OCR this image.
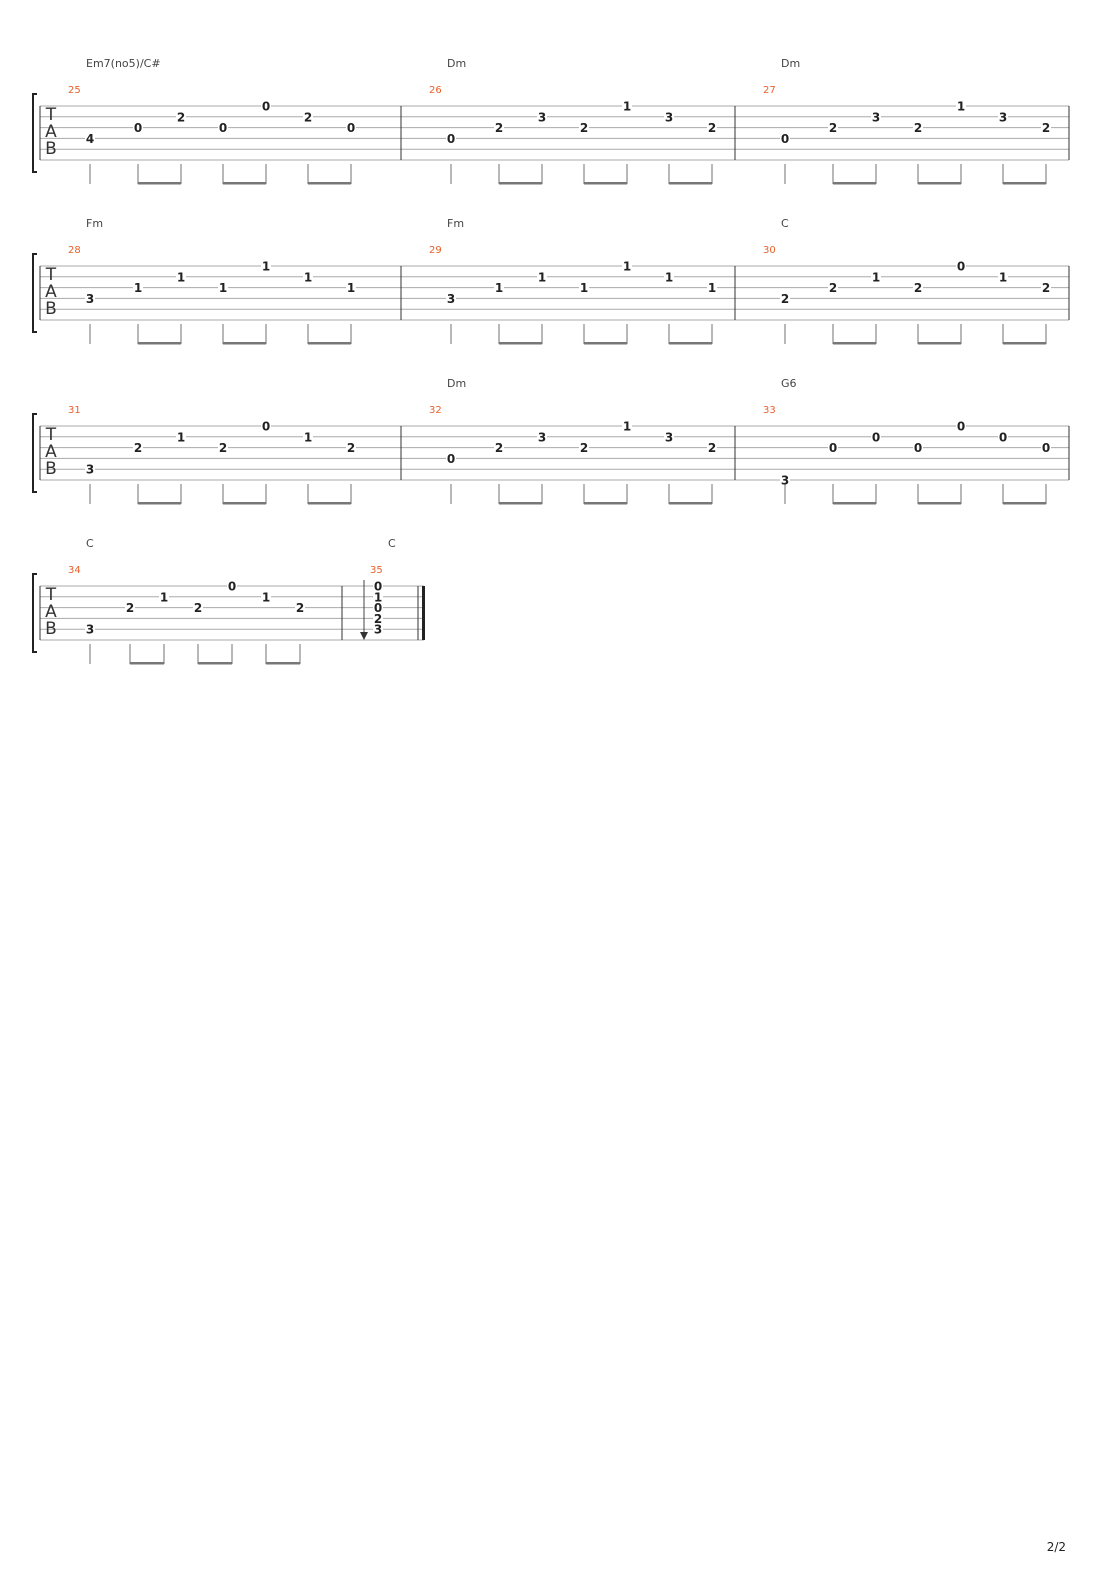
T
A
B
25
Em7(no5)/C#
4
0
2
0
0
2
0
26
Dm
0
2
3
2
1
3
2
27
Dm
0
2
3
2
1
3
2
T
A
B
28
Fm
3
1
1
1
1
1
1
29
Fm
3
1
1
1
1
1
1
30
C
2
2
1
2
0
1
2
T
A
B
31
3
2
1
2
0
1
2
32
Dm
0
2
3
2
1
3
2
33
G6
3
0
0
0
0
0
0
T
A
B
34
C
3
2
1
2
0
1
2
35
C
0
1
0
2
3
2/2
